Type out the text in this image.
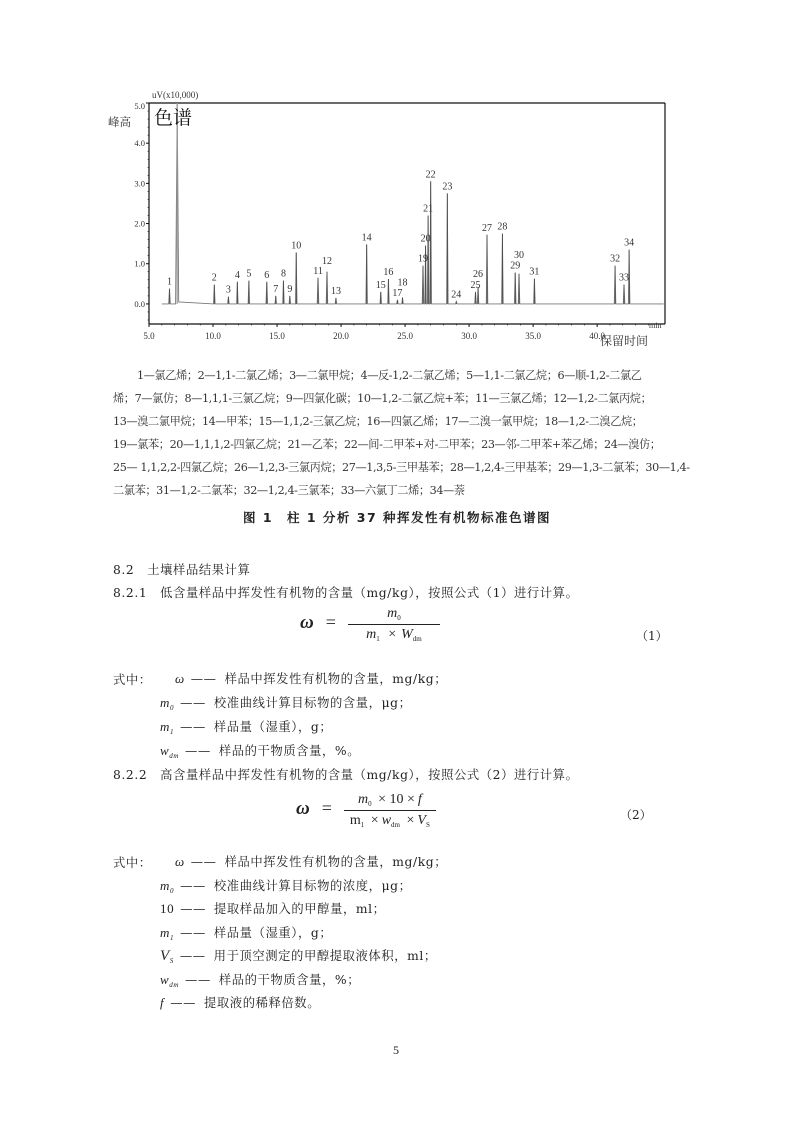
0.0
1.0
2.0
3.0
4.0
5.0
5.0	10.0	15.0	20.0	25.0	30.0	35.0	40.0
1	2
3
4 5 6
7
8
9
10
11
12
13
14
15
16
17
18
19
20
21
22
23
24
25
26
27 28
29
30
31
32
33
34
uV(x10,000)
色谱
峰高
min
保留时间
1—氯乙烯；2—1,1-二氯乙烯；3—二氯甲烷；4—反-1,2-二氯乙烯；5—1,1-二氯乙烷；6—顺-1,2-二氯乙
烯；7—氯仿；8—1,1,1-三氯乙烷；9—四氯化碳；10—1,2-二氯乙烷+苯；11—三氯乙烯；12—1,2-二氯丙烷；
13—溴二氯甲烷；14—甲苯；15—1,1,2-三氯乙烷；16—四氯乙烯；17—二溴一氯甲烷；18—1,2-二溴乙烷；
19—氯苯；20—1,1,1,2-四氯乙烷；21—乙苯；22—间-二甲苯+对-二甲苯；23—邻-二甲苯+苯乙烯；24—溴仿；
25— 1,1,2,2-四氯乙烷；26—1,2,3-三氯丙烷；27—1,3,5-三甲基苯；28—1,2,4-三甲基苯；29—1,3-二氯苯；30—1,4-
二氯苯；31—1,2-二氯苯；32—1,2,4-三氯苯；33—六氯丁二烯；34—萘
图 1　柱 1 分析 37 种挥发性有机物标准色谱图
8.2　土壤样品结果计算
8.2.1　低含量样品中挥发性有机物的含量（mg/kg），按照公式（1）进行计算。
$\omega = \frac{m_0}{m_1 \times W_{dm}}$	（1）
式中：
8.2.2　高含量样品中挥发性有机物的含量（mg/kg），按照公式（2）进行计算。
$\omega = \frac{m_0 \times 10 \times f}{m_1 \times w_{dm} \times V_S}$	（2）
式中：
5
ω —— 样品中挥发性有机物的含量，mg/kg；
m0 —— 校准曲线计算目标物的含量，μg；
m1 —— 样品量（湿重），g；
wdm —— 样品的干物质含量，%。
ω —— 样品中挥发性有机物的含量，mg/kg；
m0 —— 校准曲线计算目标物的浓度，μg；
10 —— 提取样品加入的甲醇量，ml；
m1 —— 样品量（湿重），g；
VS —— 用于顶空测定的甲醇提取液体积，ml；
wdm —— 样品的干物质含量，%；
f —— 提取液的稀释倍数。
